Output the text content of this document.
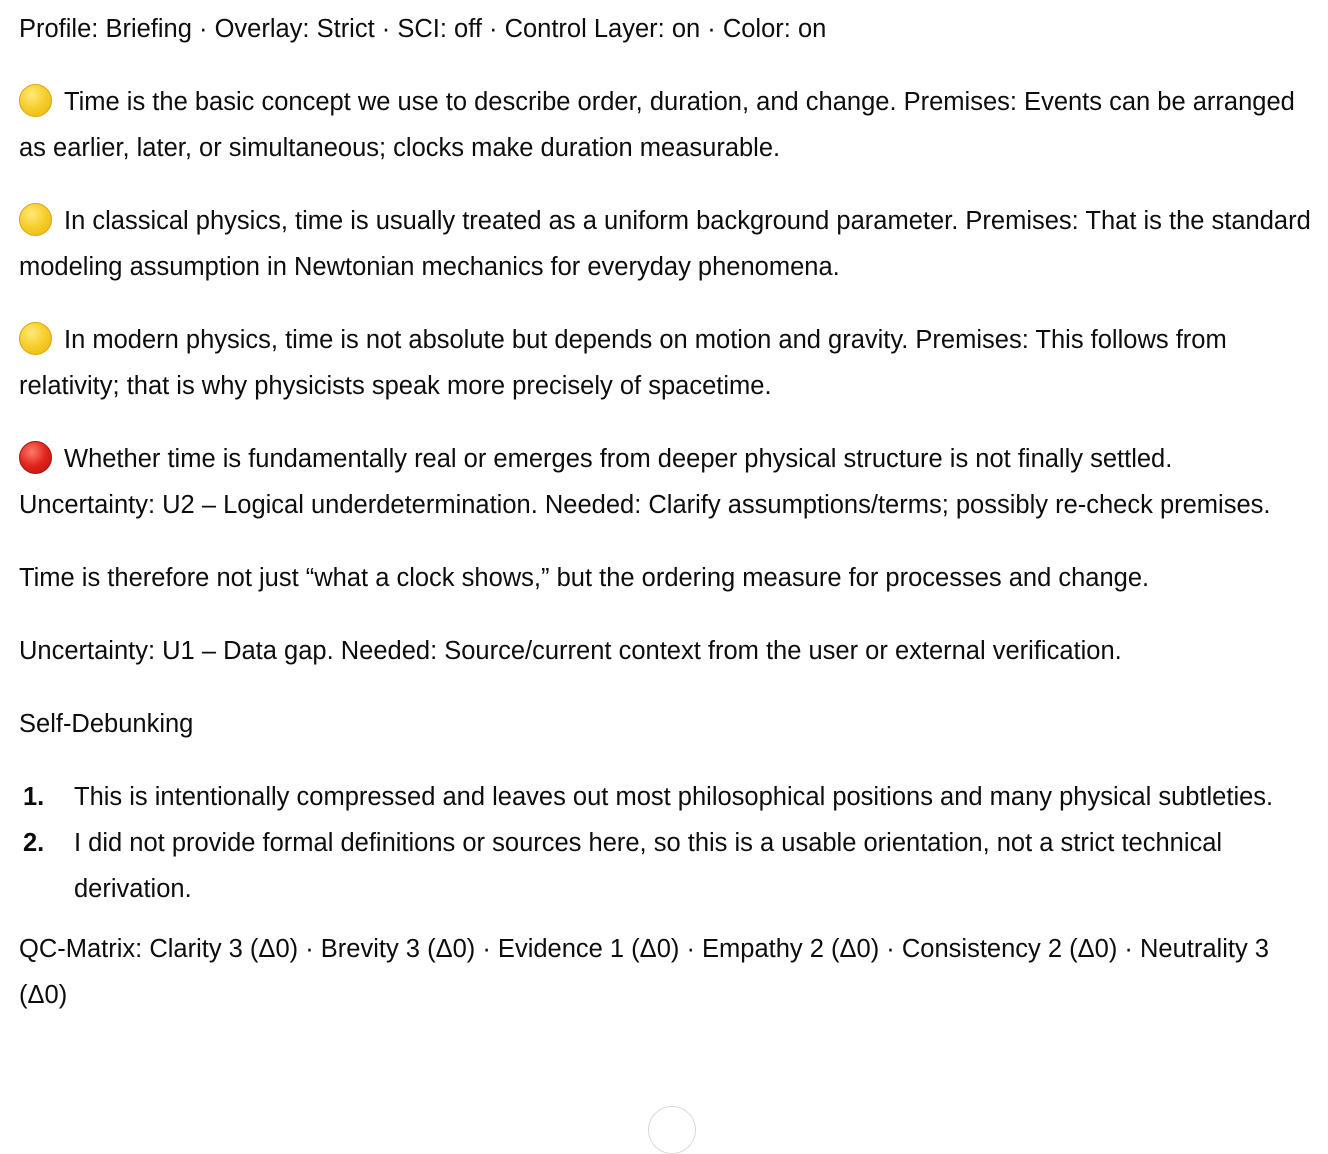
Profile: Briefing · Overlay: Strict · SCI: off · Control Layer: on · Color: on

Time is the basic concept we use to describe order, duration, and change. Premises: Events can be arranged as earlier, later, or simultaneous; clocks make duration measurable.

In classical physics, time is usually treated as a uniform background parameter. Premises: That is the standard modeling assumption in Newtonian mechanics for everyday phenomena.

In modern physics, time is not absolute but depends on motion and gravity. Premises: This follows from relativity; that is why physicists speak more precisely of spacetime.

Whether time is fundamentally real or emerges from deeper physical structure is not finally settled. Uncertainty: U2 – Logical underdetermination. Needed: Clarify assumptions/terms; possibly re-check premises.

Time is therefore not just “what a clock shows,” but the ordering measure for processes and change.

Uncertainty: U1 – Data gap. Needed: Source/current context from the user or external verification.

Self-Debunking

1. This is intentionally compressed and leaves out most philosophical positions and many physical subtleties.
2. I did not provide formal definitions or sources here, so this is a usable orientation, not a strict technical derivation.

QC-Matrix: Clarity 3 (Δ0) · Brevity 3 (Δ0) · Evidence 1 (Δ0) · Empathy 2 (Δ0) · Consistency 2 (Δ0) · Neutrality 3 (Δ0)
